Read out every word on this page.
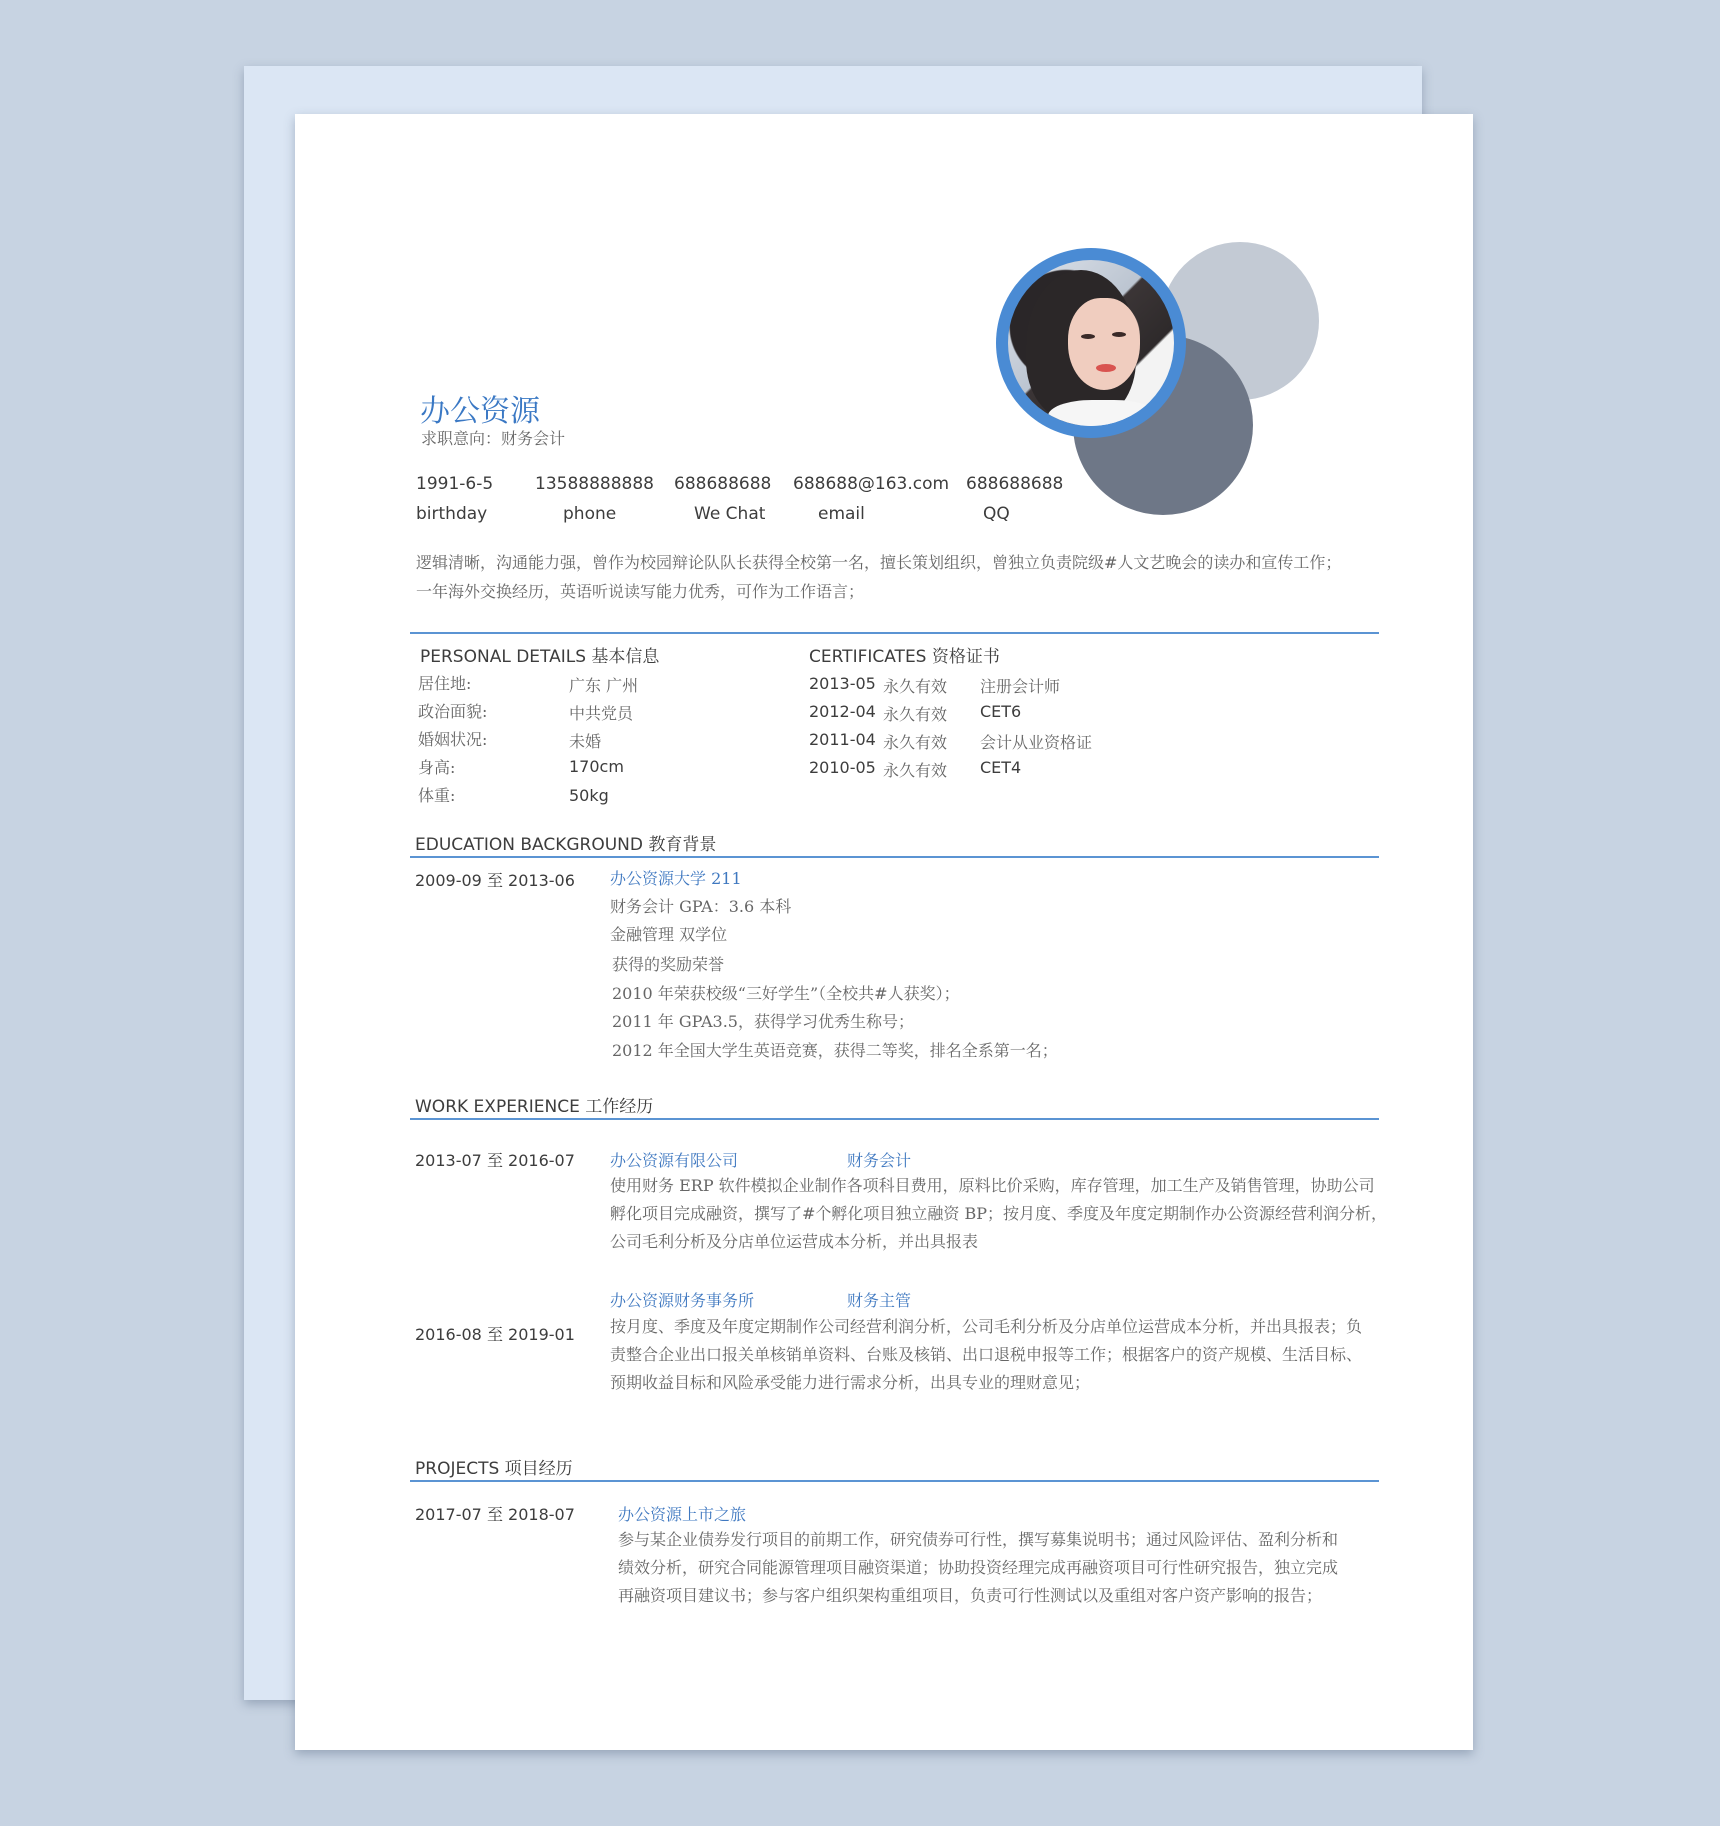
办公资源
求职意向：财务会计
1991-6-5 13588888888 688688688 688688@163.com 688688688
birthday	phone	We Chat	email	QQ
逻辑清晰，沟通能力强，曾作为校园辩论队队长获得全校第一名，擅长策划组织，曾独立负责院级#人文艺晚会的读办和宣传工作；
一年海外交换经历，英语听说读写能力优秀，可作为工作语言；
PERSONAL DETAILS 基本信息
居住地:	广东 广州
政治面貌:	中共党员
婚姻状况:	未婚
身高:	170cm
体重:	50kg
CERTIFICATES 资格证书
2013-05 永久有效 注册会计师
2012-04 永久有效 CET6
2011-04 永久有效 会计从业资格证
2010-05 永久有效 CET4
EDUCATION BACKGROUND 教育背景
2009-09 至 2013-06 办公资源大学 211
财务会计 GPA：3.6 本科
金融管理 双学位
获得的奖励荣誉
2010 年荣获校级“三好学生”（全校共#人获奖）；
2011 年 GPA3.5，获得学习优秀生称号；
2012 年全国大学生英语竞赛，获得二等奖，排名全系第一名；
WORK EXPERIENCE 工作经历
2013-07 至 2016-07 办公资源有限公司	财务会计
使用财务 ERP 软件模拟企业制作各项科目费用，原料比价采购，库存管理，加工生产及销售管理，协助公司
孵化项目完成融资，撰写了#个孵化项目独立融资 BP；按月度、季度及年度定期制作办公资源经营利润分析，
公司毛利分析及分店单位运营成本分析，并出具报表
办公资源财务事务所	财务主管
2016-08 至 2019-01 按月度、季度及年度定期制作公司经营利润分析，公司毛利分析及分店单位运营成本分析，并出具报表；负
责整合企业出口报关单核销单资料、台账及核销、出口退税申报等工作；根据客户的资产规模、生活目标、
预期收益目标和风险承受能力进行需求分析，出具专业的理财意见；
PROJECTS 项目经历
2017-07 至 2018-07	办公资源上市之旅
参与某企业债券发行项目的前期工作，研究债券可行性，撰写募集说明书；通过风险评估、盈利分析和
绩效分析，研究合同能源管理项目融资渠道；协助投资经理完成再融资项目可行性研究报告，独立完成
再融资项目建议书；参与客户组织架构重组项目，负责可行性测试以及重组对客户资产影响的报告；
